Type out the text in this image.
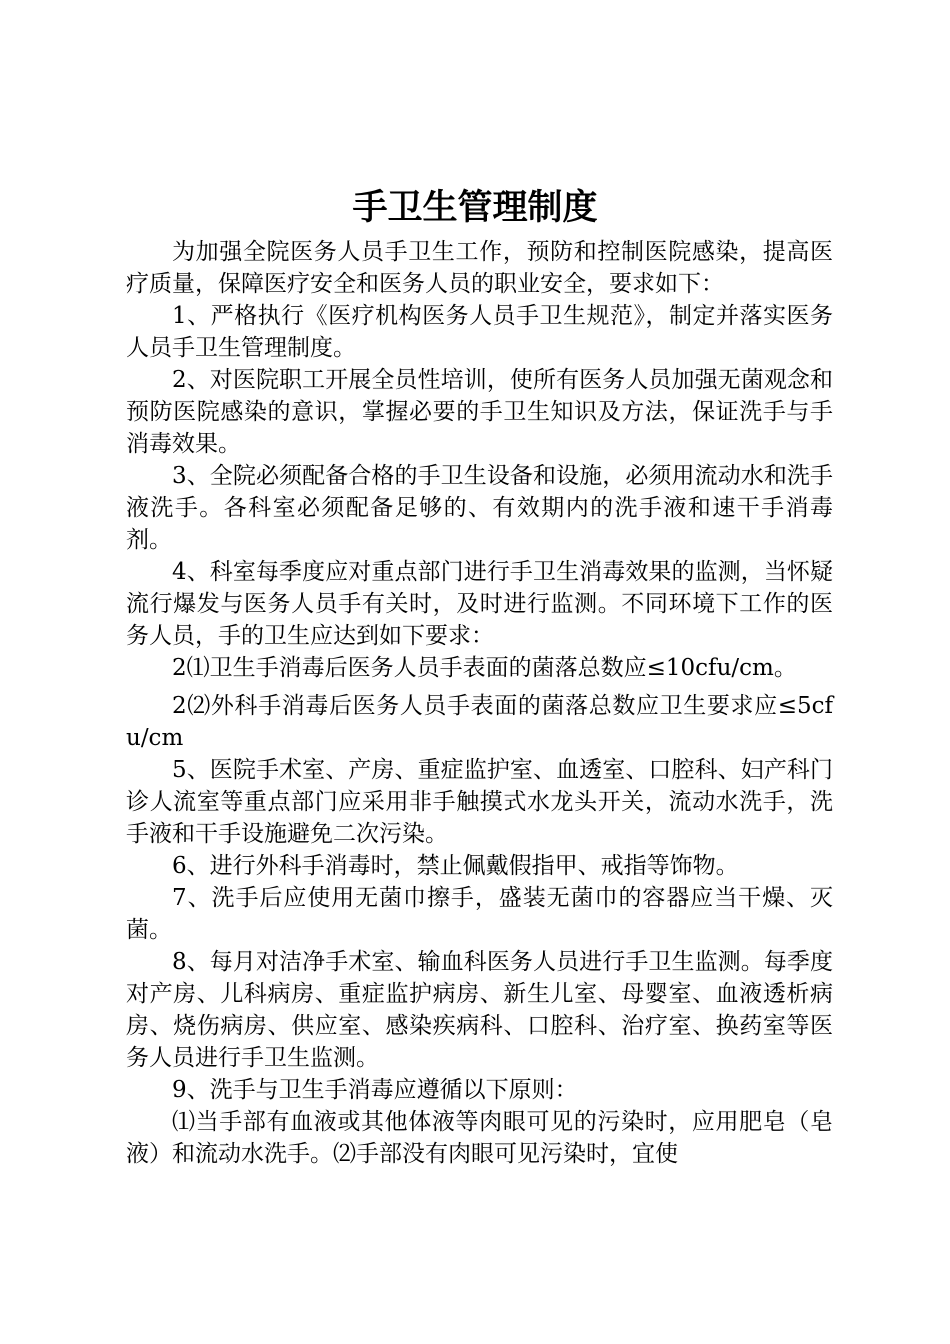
手卫生管理制度

为加强全院医务人员手卫生工作，预防和控制医院感染，提高医疗质量，保障医疗安全和医务人员的职业安全，要求如下：

1、严格执行《医疗机构医务人员手卫生规范》，制定并落实医务人员手卫生管理制度。

2、对医院职工开展全员性培训，使所有医务人员加强无菌观念和预防医院感染的意识，掌握必要的手卫生知识及方法，保证洗手与手消毒效果。

3、全院必须配备合格的手卫生设备和设施，必须用流动水和洗手液洗手。各科室必须配备足够的、有效期内的洗手液和速干手消毒剂。

4、科室每季度应对重点部门进行手卫生消毒效果的监测，当怀疑流行爆发与医务人员手有关时，及时进行监测。不同环境下工作的医务人员，手的卫生应达到如下要求：

2⑴卫生手消毒后医务人员手表面的菌落总数应≤10cfu/cm。

2⑵外科手消毒后医务人员手表面的菌落总数应卫生要求应≤5cfu/cm

5、医院手术室、产房、重症监护室、血透室、口腔科、妇产科门诊人流室等重点部门应采用非手触摸式水龙头开关，流动水洗手，洗手液和干手设施避免二次污染。

6、进行外科手消毒时，禁止佩戴假指甲、戒指等饰物。

7、洗手后应使用无菌巾擦手，盛装无菌巾的容器应当干燥、灭菌。

8、每月对洁净手术室、输血科医务人员进行手卫生监测。每季度对产房、儿科病房、重症监护病房、新生儿室、母婴室、血液透析病房、烧伤病房、供应室、感染疾病科、口腔科、治疗室、换药室等医务人员进行手卫生监测。

9、洗手与卫生手消毒应遵循以下原则：

⑴当手部有血液或其他体液等肉眼可见的污染时，应用肥皂（皂液）和流动水洗手。⑵手部没有肉眼可见污染时，宜使
